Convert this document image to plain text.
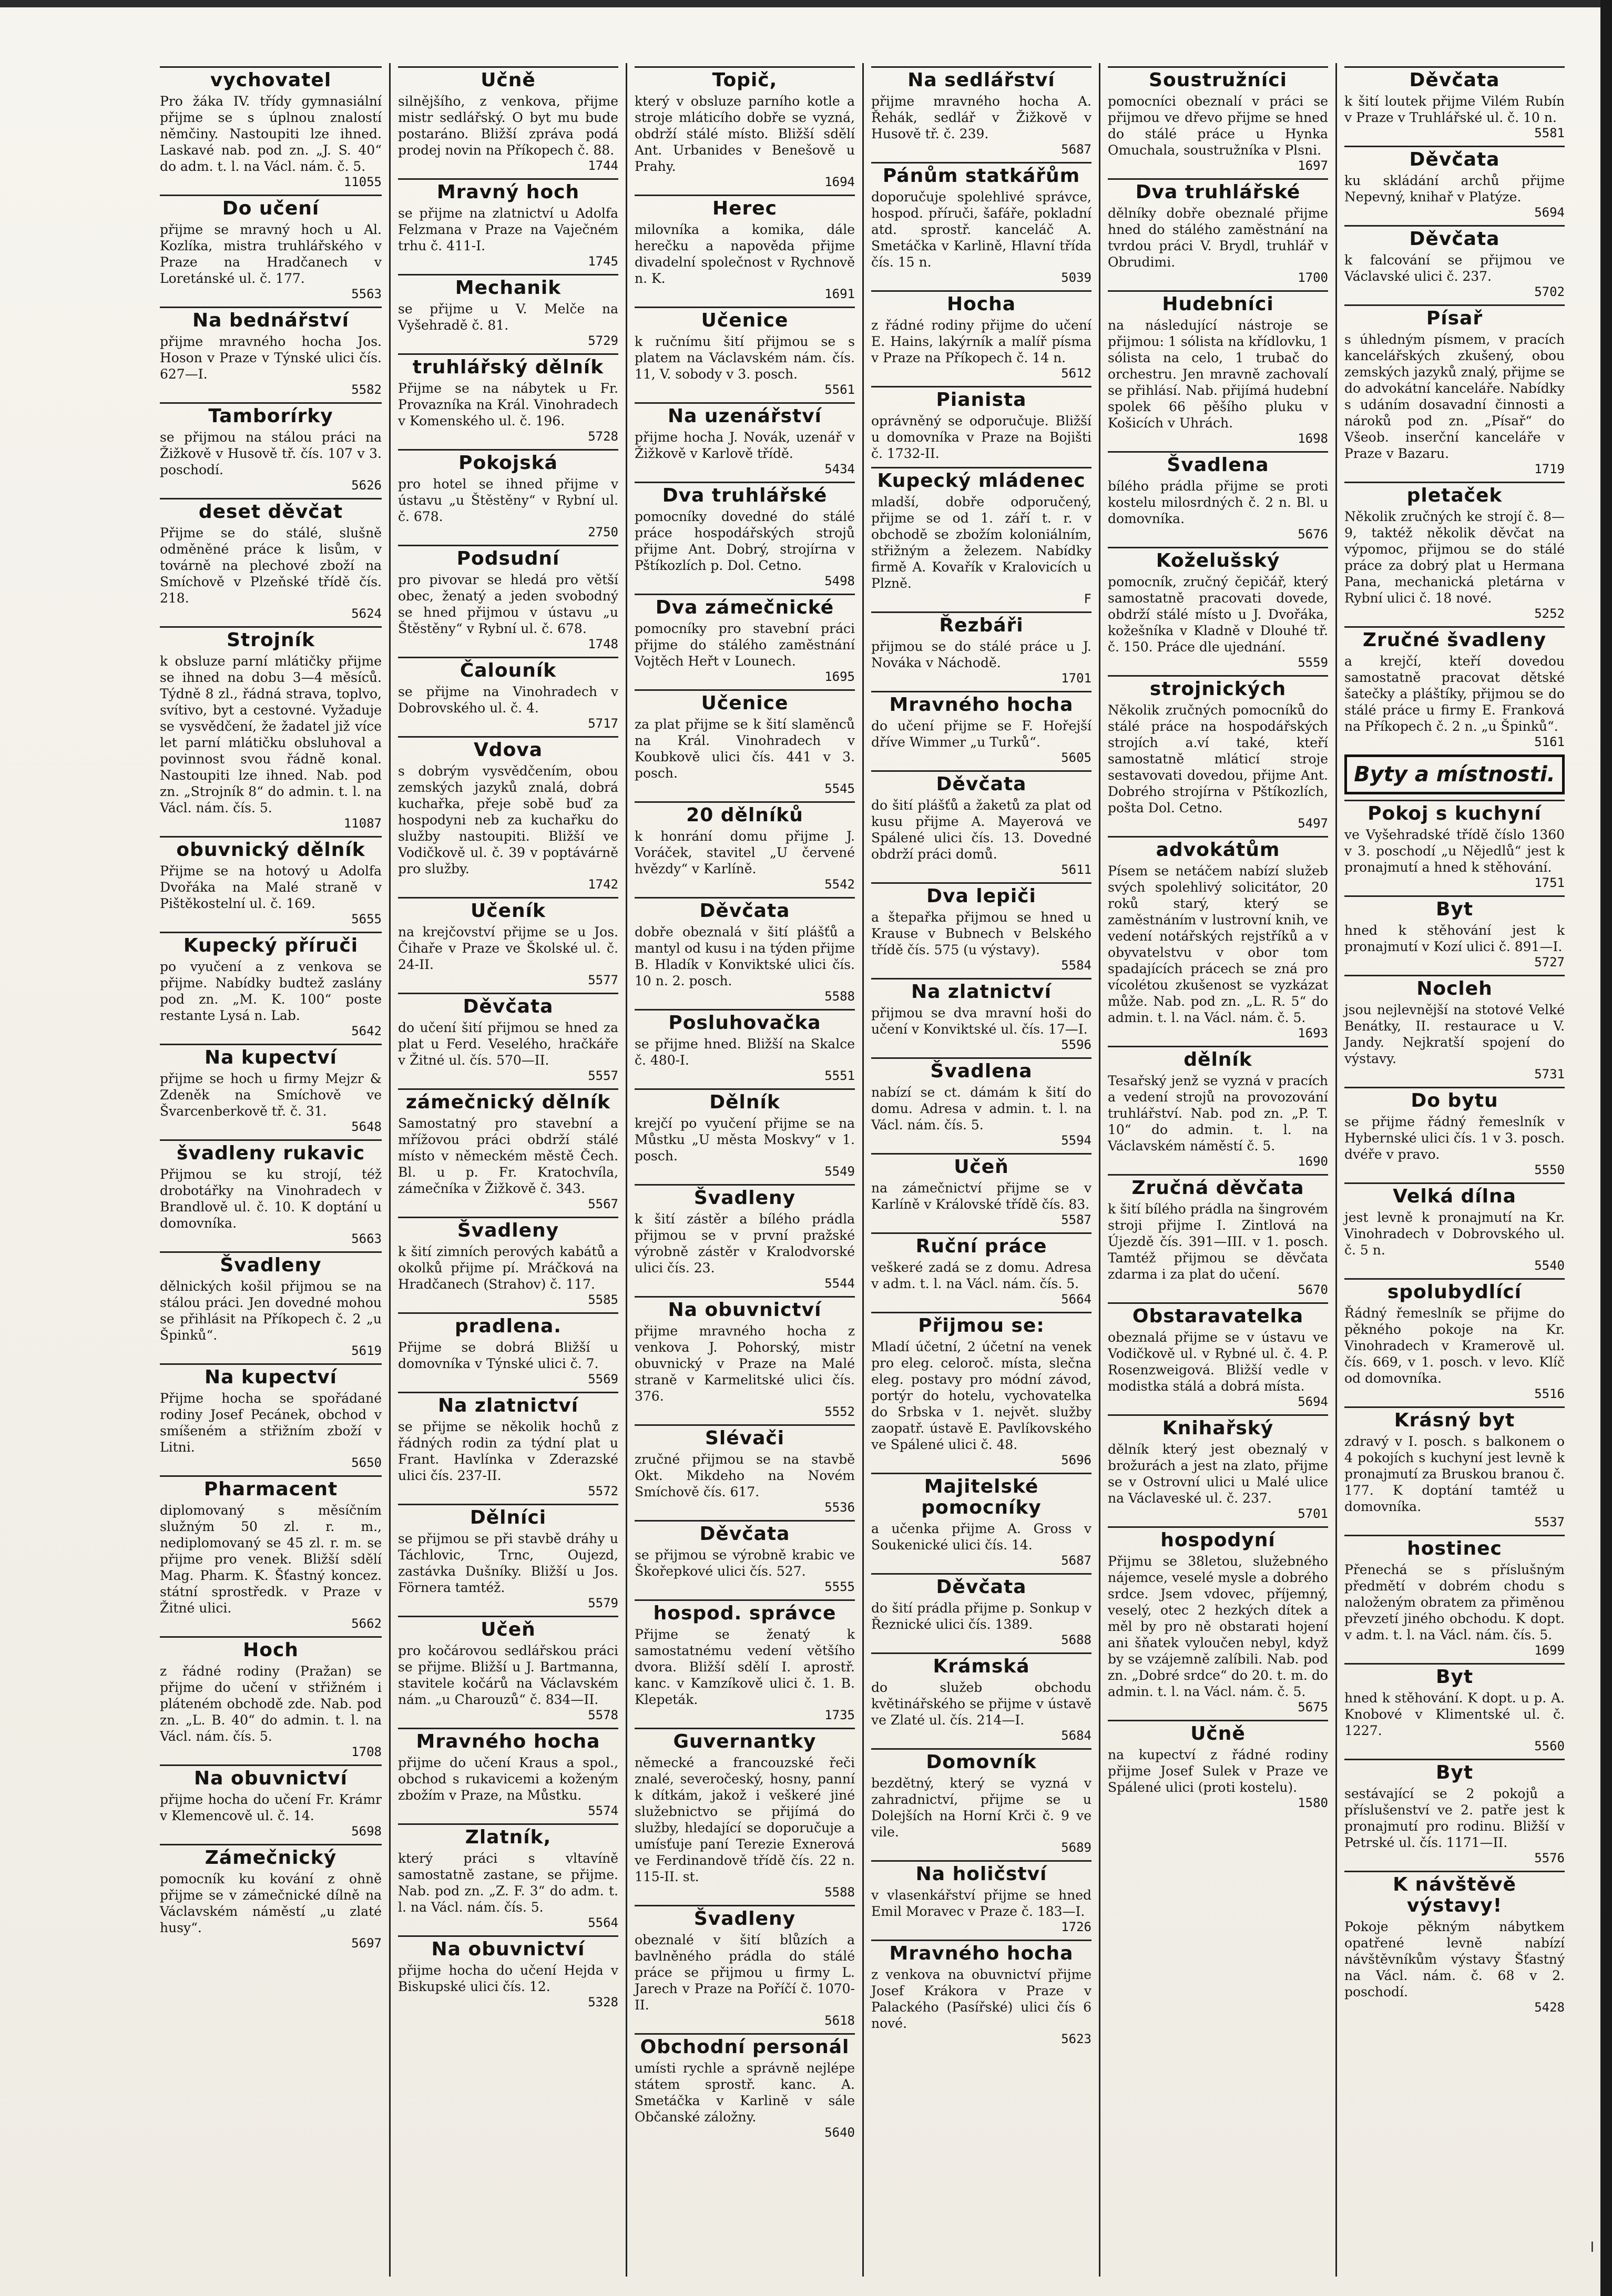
vychovatel

Pro žáka IV. třídy gymnasiální přijme se s úplnou znalostí němčiny. Nastoupiti lze ihned. Laskavé nab. pod zn. „J. S. 40“ do adm. t. l. na Václ. nám. č. 5.

11055
Do učení

přijme se mravný hoch u Al. Kozlíka, mistra truhlářského v Praze na Hradčanech v Loretánské ul. č. 177.

5563
Na bednářství

přijme mravného hocha Jos. Hoson v Praze v Týnské ulici čís. 627—I.

5582
Tamborírky

se přijmou na stálou práci na Žižkově v Husově tř. čís. 107 v 3. poschodí.

5626
deset děvčat

Přijme se do stálé, slušně odměněné práce k lisům, v továrně na plechové zboží na Smíchově v Plzeňské třídě čís. 218.

5624
Strojník

k obsluze parní mlátičky přijme se ihned na dobu 3—4 měsíců. Týdně 8 zl., řádná strava, toplvo, svítivo, byt a cestovné. Vyžaduje se vysvědčení, že žadatel již více let parní mlátičku obsluhoval a povinnost svou řádně konal. Nastoupiti lze ihned. Nab. pod zn. „Strojník 8“ do admin. t. l. na Václ. nám. čís. 5.

11087
obuvnický dělník

Přijme se na hotový u Adolfa Dvořáka na Malé straně v Pištěkostelní ul. č. 169.

5655
Kupecký příruči

po vyučení a z venkova se přijme. Nabídky budtež zaslány pod zn. „M. K. 100“ poste restante Lysá n. Lab.

5642
Na kupectví

přijme se hoch u firmy Mejzr & Zdeněk na Smíchově ve Švarcenberkově tř. č. 31.

5648
švadleny rukavic

Přijmou se ku strojí, též drobotářky na Vinohradech v Brandlově ul. č. 10. K doptání u domovníka.

5663
Švadleny

dělnických košil přijmou se na stálou práci. Jen dovedné mohou se přihlásit na Příkopech č. 2 „u Špinků“.

5619
Na kupectví

Přijme hocha se spořádané rodiny Josef Pecánek, obchod v smíšeném a střižním zboží v Litni.

5650
Pharmacent

diplomovaný s měsíčním služným 50 zl. r. m., nediplomovaný se 45 zl. r. m. se přijme pro venek. Bližší sdělí Mag. Pharm. K. Šťastný koncez. státní sprostředk. v Praze v Žitné ulici.

5662
Hoch

z řádné rodiny (Pražan) se přijme do učení v střižném i pláteném obchodě zde. Nab. pod zn. „L. B. 40“ do admin. t. l. na Václ. nám. čís. 5.

1708
Na obuvnictví

přijme hocha do učení Fr. Krámr v Klemencově ul. č. 14.

5698
Zámečnický

pomocník ku kování z ohně přijme se v zámečnické dílně na Václavském náměstí „u zlaté husy“.

5697
Učně

silnějšího, z venkova, přijme mistr sedlářský. O byt mu bude postaráno. Bližší zpráva podá prodej novin na Příkopech č. 88.

1744
Mravný hoch

se přijme na zlatnictví u Adolfa Felzmana v Praze na Vaječném trhu č. 411-I.

1745
Mechanik

se přijme u V. Melče na Vyšehradě č. 81.

5729
truhlářský dělník

Přijme se na nábytek u Fr. Provazníka na Král. Vinohradech v Komenského ul. č. 196.

5728
Pokojská

pro hotel se ihned přijme v ústavu „u Štěstěny“ v Rybní ul. č. 678.

2750
Podsudní

pro pivovar se hledá pro větší obec, ženatý a jeden svobodný se hned přijmou v ústavu „u Štěstěny“ v Rybní ul. č. 678.

1748
Čalouník

se přijme na Vinohradech v Dobrovského ul. č. 4.

5717
Vdova

s dobrým vysvědčením, obou zemských jazyků znalá, dobrá kuchařka, přeje sobě buď za hospodyni neb za kuchařku do služby nastoupiti. Bližší ve Vodičkově ul. č. 39 v poptávárně pro služby.

1742
Učeník

na krejčovství přijme se u Jos. Čihaře v Praze ve Školské ul. č. 24-II.

5577
Děvčata

do učení šití přijmou se hned za plat u Ferd. Veselého, hračkáře v Žitné ul. čís. 570—II.

5557
zámečnický dělník

Samostatný pro stavební a mřížovou práci obdrží stálé místo v německém městě Čech. Bl. u p. Fr. Kratochvíla, zámečníka v Žižkově č. 343.

5567
Švadleny

k šití zimních perových kabátů a okolků přijme pí. Mráčková na Hradčanech (Strahov) č. 117.

5585
pradlena.

Přijme se dobrá Bližší u domovníka v Týnské ulici č. 7.

5569
Na zlatnictví

se přijme se několik hochů z řádných rodin za týdní plat u Frant. Havlínka v Zderazské ulici čís. 237-II.

5572
Dělníci

se přijmou se při stavbě dráhy u Táchlovic, Trnc, Oujezd, zastávka Dušníky. Bližší u Jos. Förnera tamtéž.

5579
Učeň

pro kočárovou sedlářskou práci se přijme. Bližší u J. Bartmanna, stavitele kočárů na Václavském nám. „u Charouzů“ č. 834—II.

5578
Mravného hocha

přijme do učení Kraus a spol., obchod s rukavicemi a koženým zbožím v Praze, na Můstku.

5574
Zlatník,

který práci s vltavíně samostatně zastane, se přijme. Nab. pod zn. „Z. F. 3“ do adm. t. l. na Václ. nám. čís. 5.

5564
Na obuvnictví

přijme hocha do učení Hejda v Biskupské ulici čís. 12.

5328
Topič,

který v obsluze parního kotle a stroje mláticího dobře se vyzná, obdrží stálé místo. Bližší sdělí Ant. Urbanides v Benešově u Prahy.

1694
Herec

milovníka a komika, dále herečku a napověda přijme divadelní společnost v Rychnově n. K.

1691
Učenice

k ručnímu šití přijmou se s platem na Václavském nám. čís. 11, V. sobody v 3. posch.

5561
Na uzenářství

přijme hocha J. Novák, uzenář v Žižkově v Karlově třídě.

5434
Dva truhlářské

pomocníky dovedné do stálé práce hospodářských strojů přijme Ant. Dobrý, strojírna v Pštíkozlích p. Dol. Cetno.

5498
Dva zámečnické

pomocníky pro stavební práci přijme do stálého zaměstnání Vojtěch Heřt v Lounech.

1695
Učenice

za plat přijme se k šití slaměnců na Král. Vinohradech v Koubkově ulici čís. 441 v 3. posch.

5545
20 dělníků

k honrání domu přijme J. Voráček, stavitel „U červené hvězdy“ v Karlíně.

5542
Děvčata

dobře obeznalá v šití plášťů a mantyl od kusu i na týden přijme B. Hladík v Konviktské ulici čís. 10 n. 2. posch.

5588
Posluhovačka

se přijme hned. Bližší na Skalce č. 480-I.

5551
Dělník

krejčí po vyučení přijme se na Můstku „U města Moskvy“ v 1. posch.

5549
Švadleny

k šití zástěr a bílého prádla přijmou se v první pražské výrobně zástěr v Kralodvorské ulici čís. 23.

5544
Na obuvnictví

přijme mravného hocha z venkova J. Pohorský, mistr obuvnický v Praze na Malé straně v Karmelitské ulici čís. 376.

5552
Slévači

zručné přijmou se na stavbě Okt. Mikdeho na Novém Smíchově čís. 617.

5536
Děvčata

se přijmou se výrobně krabic ve Škořepkové ulici čís. 527.

5555
hospod. správce

Přijme se ženatý k samostatnému vedení většího dvora. Bližší sdělí I. aprostř. kanc. v Kamzíkově ulici č. 1. B. Klepeták.

1735
Guvernantky

německé a francouzské řeči znalé, severočeský, hosny, panní k dítkám, jakož i veškeré jiné služebnictvo se přijímá do služby, hledající se doporučuje a umísťuje paní Terezie Exnerová ve Ferdinandově třídě čís. 22 n. 115-II. st.

5588
Švadleny

obeznalé v šití blůzích a bavlněného prádla do stálé práce se přijmou u firmy L. Jarech v Praze na Poříčí č. 1070-II.

5618
Obchodní personál

umísti rychle a správně nejlépe státem sprostř. kanc. A. Smetáčka v Karlině v sále Občanské záložny.

5640
Na sedlářství

přijme mravného hocha A. Řehák, sedlář v Žižkově v Husově tř. č. 239.

5687
Pánům statkářům

doporučuje spolehlivé správce, hospod. příruči, šafáře, pokladní atd. sprostř. kanceláč A. Smetáčka v Karlině, Hlavní třída čís. 15 n.

5039
Hocha

z řádné rodiny přijme do učení E. Hains, lakýrník a malíř písma v Praze na Příkopech č. 14 n.

5612
Pianista

oprávněný se odporučuje. Bližší u domovníka v Praze na Bojišti č. 1732-II.

Kupecký mládenec

mladší, dobře odporučený, přijme se od 1. září t. r. v obchodě se zbožím koloniálním, střižným a železem. Nabídky firmě A. Kovařík v Kralovicích u Plzně.

F
Řezbáři

přijmou se do stálé práce u J. Nováka v Náchodě.

1701
Mravného hocha

do učení přijme se F. Hořejší dříve Wimmer „u Turků“.

5605
Děvčata

do šití plášťů a žaketů za plat od kusu přijme A. Mayerová ve Spálené ulici čís. 13. Dovedné obdrží práci domů.

5611
Dva lepiči

a štepařka přijmou se hned u Krause v Bubnech v Belského třídě čís. 575 (u výstavy).

5584
Na zlatnictví

přijmou se dva mravní hoši do učení v Konviktské ul. čís. 17—I.

5596
Švadlena

nabízí se ct. dámám k šití do domu. Adresa v admin. t. l. na Václ. nám. čís. 5.

5594
Učeň

na zámečnictví přijme se v Karlíně v Královské třídě čís. 83.

5587
Ruční práce

veškeré zadá se z domu. Adresa v adm. t. l. na Václ. nám. čís. 5.

5664
Přijmou se:

Mladí účetní, 2 účetní na venek pro eleg. celoroč. místa, slečna eleg. postavy pro módní závod, portýr do hotelu, vychovatelka do Srbska v 1. největ. služby zaopatř. ústavě E. Pavlíkovského ve Spálené ulici č. 48.

5696
Majitelské pomocníky

a učenka přijme A. Gross v Soukenické ulici čís. 14.

5687
Děvčata

do šití prádla přijme p. Sonkup v Řeznické ulici čís. 1389.

5688
Krámská

do služeb obchodu květinářského se přijme v ústavě ve Zlaté ul. čís. 214—I.

5684
Domovník

bezdětný, který se vyzná v zahradnictví, přijme se u Dolejších na Horní Krči č. 9 ve vile.

5689
Na holičství

v vlasenkářství přijme se hned Emil Moravec v Praze č. 183—I.

1726
Mravného hocha

z venkova na obuvnictví přijme Josef Krákora v Praze v Palackého (Pasířské) ulici čís 6 nové.

5623
Soustružníci

pomocníci obeznalí v práci se přijmou ve dřevo přijme se hned do stálé práce u Hynka Omuchala, soustružníka v Plsni.

1697
Dva truhlářské

dělníky dobře obeznalé přijme hned do stálého zaměstnání na tvrdou práci V. Brydl, truhlář v Obrudimi.

1700
Hudebníci

na následující nástroje se přijmou: 1 sólista na křídlovku, 1 sólista na celo, 1 trubač do orchestru. Jen mravně zachovalí se přihlásí. Nab. přijímá hudební spolek 66 pěšího pluku v Košicích v Uhrách.

1698
Švadlena

bílého prádla přijme se proti kostelu milosrdných č. 2 n. Bl. u domovníka.

5676
Koželušský

pomocník, zručný čepičář, který samostatně pracovati dovede, obdrží stálé místo u J. Dvořáka, kožešníka v Kladně v Dlouhé tř. č. 150. Práce dle ujednání.

5559
strojnických

Několik zručných pomocníků do stálé práce na hospodářských strojích a.ví také, kteří samostatně mláticí stroje sestavovati dovedou, přijme Ant. Dobrého strojírna v Pštíkozlích, pošta Dol. Cetno.

5497
advokátům

Písem se netáčem nabízí služeb svých spolehlivý solicitátor, 20 roků starý, který se zaměstnáním v lustrovní knih, ve vedení notářských rejstříků a v obyvatelstvu v obor tom spadajících prácech se zná pro vícolétou zkušenost se vyzkázat může. Nab. pod zn. „L. R. 5“ do admin. t. l. na Václ. nám. č. 5.

1693
dělník

Tesařský jenž se vyzná v pracích a vedení strojů na provozování truhlářství. Nab. pod zn. „P. T. 10“ do admin. t. l. na Václavském náměstí č. 5.

1690
Zručná děvčata

k šití bílého prádla na šingrovém stroji přijme I. Zintlová na Újezdě čís. 391—III. v 1. posch. Tamtéž přijmou se děvčata zdarma i za plat do učení.

5670
Obstaravatelka

obeznalá přijme se v ústavu ve Vodičkově ul. v Rybné ul. č. 4. P. Rosenzweigová. Bližší vedle v modistka stálá a dobrá místa.

5694
Knihařský

dělník který jest obeznalý v brožurách a jest na zlato, přijme se v Ostrovní ulici u Malé ulice na Václaveské ul. č. 237.

5701
hospodyní

Přijmu se 38letou, služebného nájemce, veselé mysle a dobrého srdce. Jsem vdovec, příjemný, veselý, otec 2 hezkých dítek a měl by pro ně obstarati hojení ani šňatek vyloučen nebyl, když by se vzájemně zalíbili. Nab. pod zn. „Dobré srdce“ do 20. t. m. do admin. t. l. na Václ. nám. č. 5.

5675
Učně

na kupectví z řádné rodiny přijme Josef Sulek v Praze ve Spálené ulici (proti kostelu).

1580
Děvčata

k šití loutek přijme Vilém Rubín v Praze v Truhlářské ul. č. 10 n.

5581
Děvčata

ku skládání archů přijme Nepevný, knihař v Platýze.

5694
Děvčata

k falcování se přijmou ve Václavské ulici č. 237.

5702
Písař

s úhledným písmem, v pracích kancelářských zkušený, obou zemských jazyků znalý, přijme se do advokátní kanceláře. Nabídky s udáním dosavadní činnosti a nároků pod zn. „Písař“ do Všeob. inserční kanceláře v Praze v Bazaru.

1719
pletaček

Několik zručných ke strojí č. 8—9, taktéž několik děvčat na výpomoc, přijmou se do stálé práce za dobrý plat u Hermana Pana, mechanická pletárna v Rybní ulici č. 18 nové.

5252
Zručné švadleny

a krejčí, kteří dovedou samostatně pracovat dětské šatečky a pláštíky, přijmou se do stálé práce u firmy E. Franková na Příkopech č. 2 n. „u Špinků“.

5161
Byty a místnosti.
Pokoj s kuchyní

ve Vyšehradské třídě číslo 1360 v 3. poschodí „u Nějedlů“ jest k pronajmutí a hned k stěhování.

1751
Byt

hned k stěhování jest k pronajmutí v Kozí ulici č. 891—I.

5727
Nocleh

jsou nejlevnější na stotové Velké Benátky, II. restaurace u V. Jandy. Nejkratší spojení do výstavy.

5731
Do bytu

se přijme řádný řemeslník v Hybernské ulici čís. 1 v 3. posch. dvéře v pravo.

5550
Velká dílna

jest levně k pronajmutí na Kr. Vinohradech v Dobrovského ul. č. 5 n.

5540
spolubydlící

Řádný řemeslník se přijme do pěkného pokoje na Kr. Vinohradech v Kramerově ul. čís. 669, v 1. posch. v levo. Klíč od domovníka.

5516
Krásný byt

zdravý v I. posch. s balkonem o 4 pokojích s kuchyní jest levně k pronajmutí za Bruskou branou č. 177. K doptání tamtéž u domovníka.

5537
hostinec

Přenechá se s příslušným předmětí v dobrém chodu s naloženým obratem za přiměnou převzetí jiného obchodu. K dopt. v adm. t. l. na Václ. nám. čís. 5.

1699
Byt

hned k stěhování. K dopt. u p. A. Knobové v Klimentské ul. č. 1227.

5560
Byt

sestávající se 2 pokojů a příslušenství ve 2. patře jest k pronajmutí pro rodinu. Bližší v Petrské ul. čís. 1171—II.

5576
K návštěvě výstavy!

Pokoje pěkným nábytkem opatřené levně nabízí návštěvníkům výstavy Šťastný na Václ. nám. č. 68 v 2. poschodí.

5428
l
